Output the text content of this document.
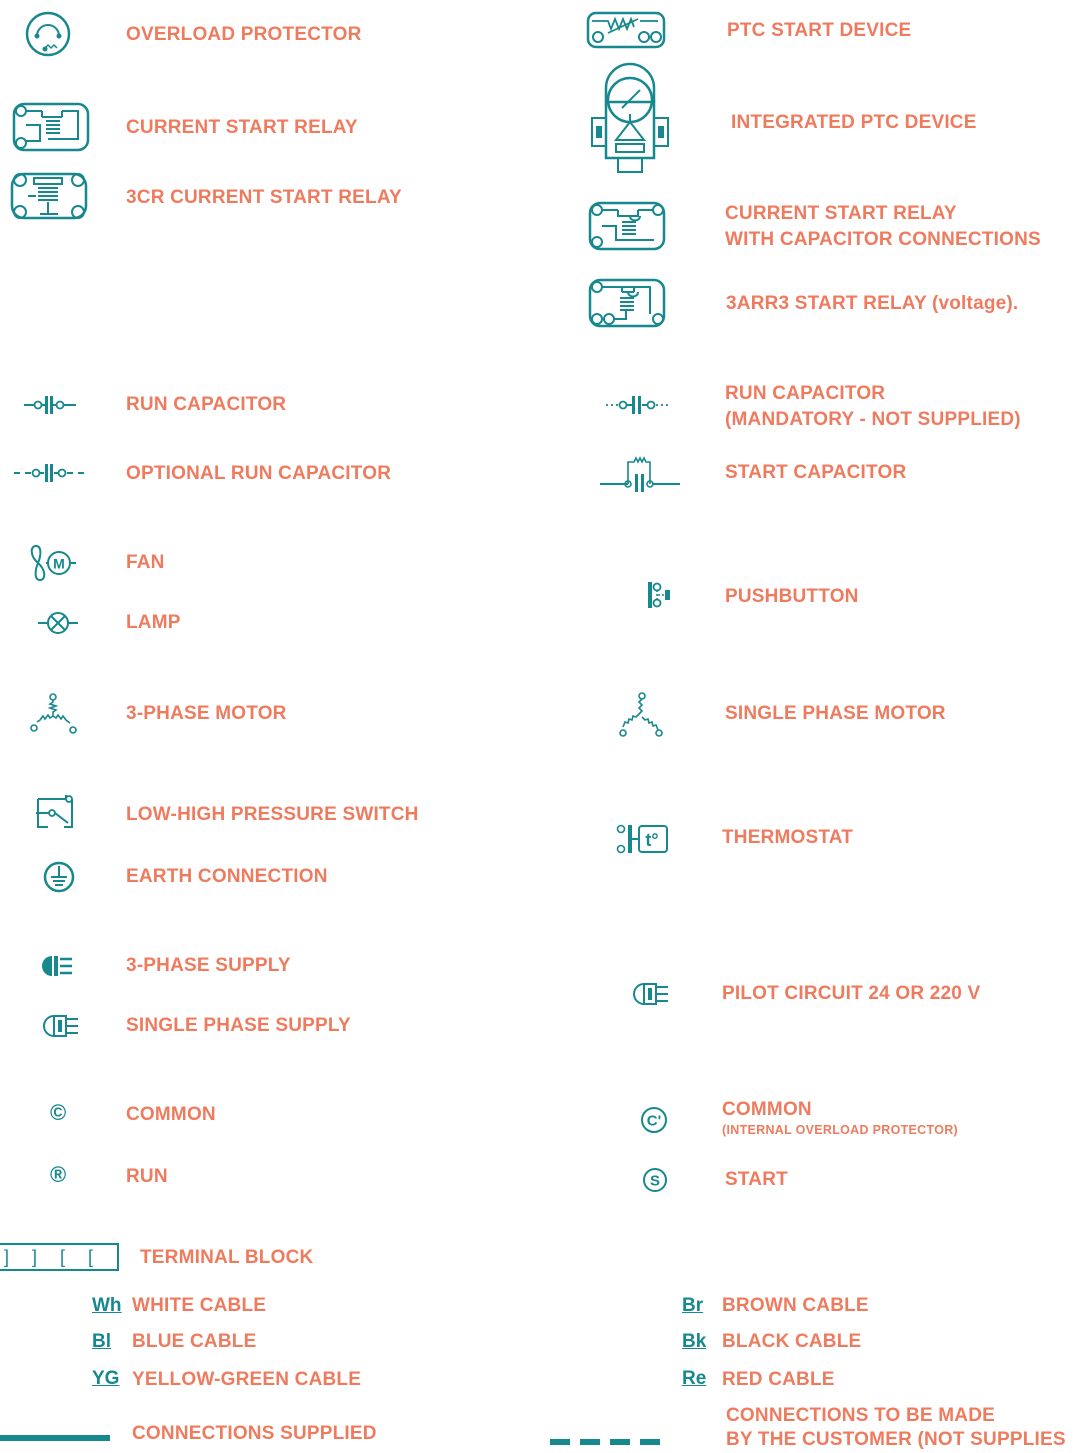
OVERLOAD PROTECTOR
CURRENT START RELAY
3CR CURRENT START RELAY
RUN CAPACITOR
OPTIONAL RUN CAPACITOR
M	FAN
LAMP
3-PHASE MOTOR
LOW-HIGH PRESSURE SWITCH
EARTH CONNECTION
3-PHASE SUPPLY
SINGLE PHASE SUPPLY
©	COMMON
®	RUN
] ] [ [ TERMINAL BLOCK
Wh WHITE CABLE
Bl BLUE CABLE
YG YELLOW-GREEN CABLE
CONNECTIONS SUPPLIED
PTC START DEVICE
INTEGRATED PTC DEVICE
CURRENT START RELAY
WITH CAPACITOR CONNECTIONS
3ARR3 START RELAY (voltage).
RUN CAPACITOR
(MANDATORY - NOT SUPPLIED)
START CAPACITOR
PUSHBUTTON
SINGLE PHASE MOTOR
t°	THERMOSTAT
PILOT CIRCUIT 24 OR 220 V
C'
COMMON
(INTERNAL OVERLOAD PROTECTOR)
S	START
Br BROWN CABLE
Bk BLACK CABLE
Re RED CABLE
CONNECTIONS TO BE MADE
BY THE CUSTOMER (NOT SUPPLIES
